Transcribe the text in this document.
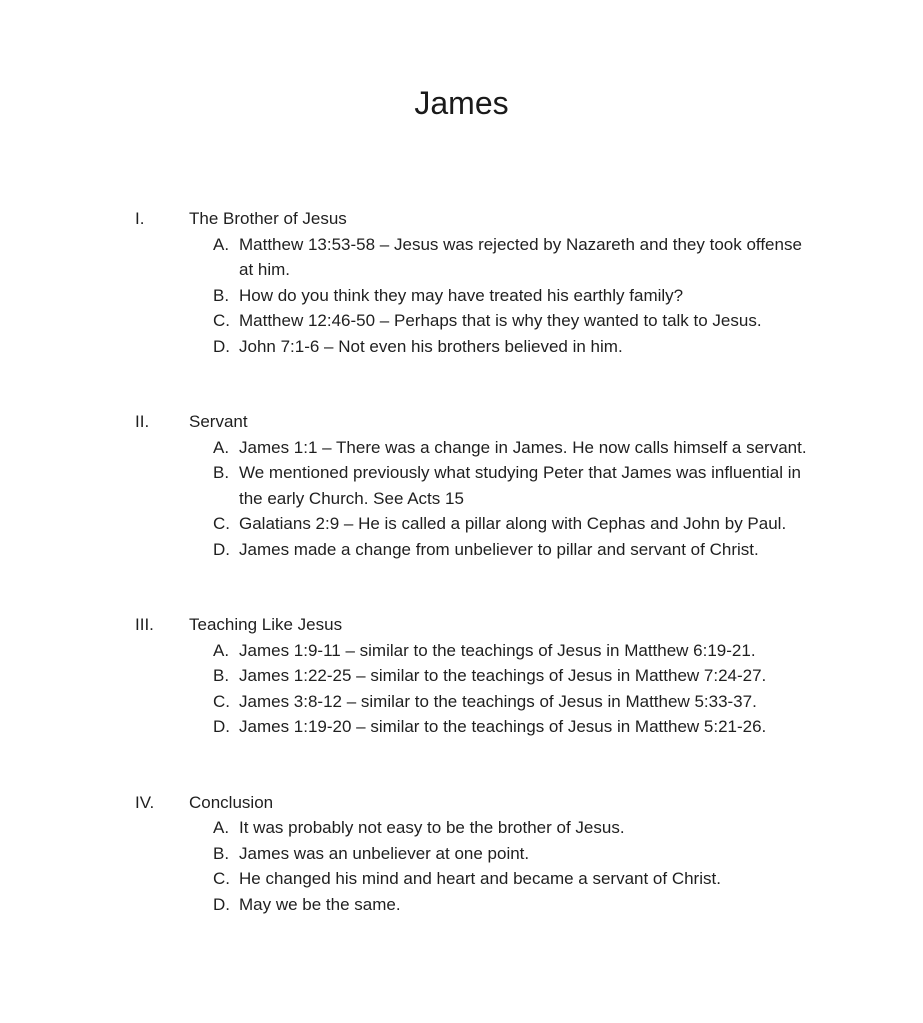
James
I.	The Brother of Jesus
A. Matthew 13:53-58 – Jesus was rejected by Nazareth and they took offense at him.
B. How do you think they may have treated his earthly family?
C. Matthew 12:46-50 – Perhaps that is why they wanted to talk to Jesus.
D. John 7:1-6 – Not even his brothers believed in him.
II.	Servant
A. James 1:1 – There was a change in James. He now calls himself a servant.
B. We mentioned previously what studying Peter that James was influential in the early Church. See Acts 15
C. Galatians 2:9 – He is called a pillar along with Cephas and John by Paul.
D. James made a change from unbeliever to pillar and servant of Christ.
III.	Teaching Like Jesus
A. James 1:9-11 – similar to the teachings of Jesus in Matthew 6:19-21.
B. James 1:22-25 – similar to the teachings of Jesus in Matthew 7:24-27.
C. James 3:8-12 – similar to the teachings of Jesus in Matthew 5:33-37.
D. James 1:19-20 – similar to the teachings of Jesus in Matthew 5:21-26.
IV.	Conclusion
A. It was probably not easy to be the brother of Jesus.
B. James was an unbeliever at one point.
C. He changed his mind and heart and became a servant of Christ.
D. May we be the same.
